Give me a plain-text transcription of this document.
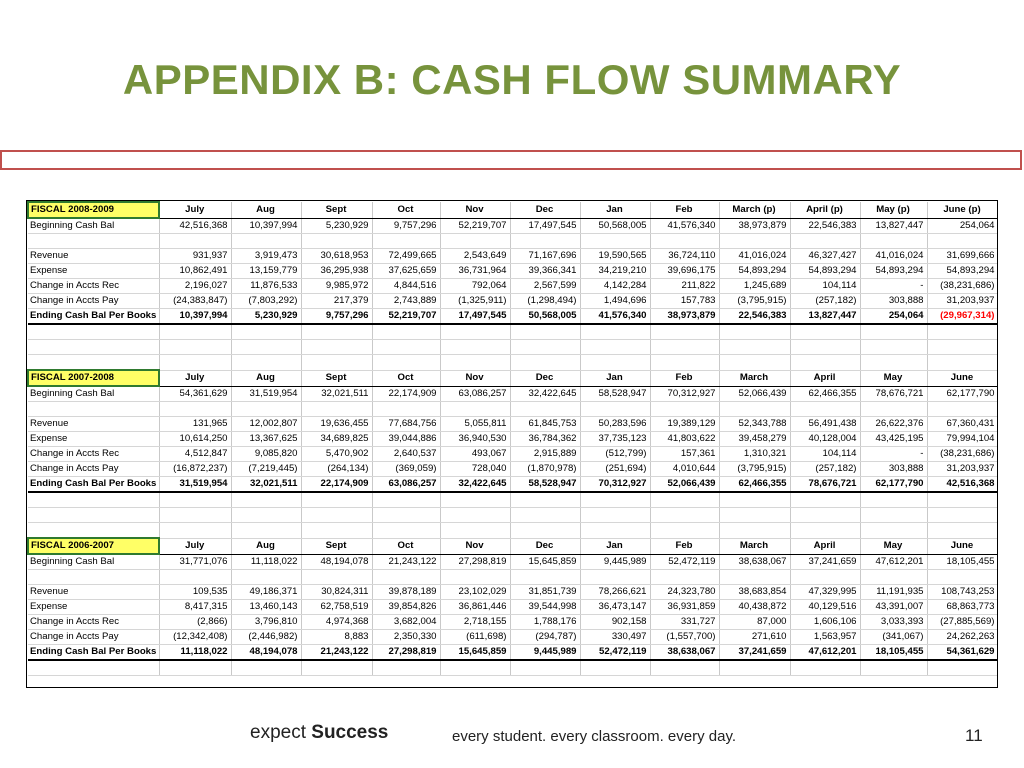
APPENDIX B: CASH FLOW SUMMARY
FISCAL 2008-2009	July	Aug	Sept	Oct	Nov	Dec	Jan	Feb	March (p)	April (p)	May (p)	June (p)
Beginning Cash Bal	42,516,368	10,397,994	5,230,929	9,757,296	52,219,707	17,497,545	50,568,005	41,576,340	38,973,879	22,546,383	13,827,447	254,064

Revenue	931,937	3,919,473	30,618,953	72,499,665	2,543,649	71,167,696	19,590,565	36,724,110	41,016,024	46,327,427	41,016,024	31,699,666
Expense	10,862,491	13,159,779	36,295,938	37,625,659	36,731,964	39,366,341	34,219,210	39,696,175	54,893,294	54,893,294	54,893,294	54,893,294
Change in Accts Rec	2,196,027	11,876,533	9,985,972	4,844,516	792,064	2,567,599	4,142,284	211,822	1,245,689	104,114	-	(38,231,686)
Change in Accts Pay	(24,383,847)	(7,803,292)	217,379	2,743,889	(1,325,911)	(1,298,494)	1,494,696	157,783	(3,795,915)	(257,182)	303,888	31,203,937
Ending Cash Bal Per Books	10,397,994	5,230,929	9,757,296	52,219,707	17,497,545	50,568,005	41,576,340	38,973,879	22,546,383	13,827,447	254,064	(29,967,314)

FISCAL 2007-2008	July	Aug	Sept	Oct	Nov	Dec	Jan	Feb	March	April	May	June
Beginning Cash Bal	54,361,629	31,519,954	32,021,511	22,174,909	63,086,257	32,422,645	58,528,947	70,312,927	52,066,439	62,466,355	78,676,721	62,177,790

Revenue	131,965	12,002,807	19,636,455	77,684,756	5,055,811	61,845,753	50,283,596	19,389,129	52,343,788	56,491,438	26,622,376	67,360,431
Expense	10,614,250	13,367,625	34,689,825	39,044,886	36,940,530	36,784,362	37,735,123	41,803,622	39,458,279	40,128,004	43,425,195	79,994,104
Change in Accts Rec	4,512,847	9,085,820	5,470,902	2,640,537	493,067	2,915,889	(512,799)	157,361	1,310,321	104,114	-	(38,231,686)
Change in Accts Pay	(16,872,237)	(7,219,445)	(264,134)	(369,059)	728,040	(1,870,978)	(251,694)	4,010,644	(3,795,915)	(257,182)	303,888	31,203,937
Ending Cash Bal Per Books	31,519,954	32,021,511	22,174,909	63,086,257	32,422,645	58,528,947	70,312,927	52,066,439	62,466,355	78,676,721	62,177,790	42,516,368

FISCAL 2006-2007	July	Aug	Sept	Oct	Nov	Dec	Jan	Feb	March	April	May	June
Beginning Cash Bal	31,771,076	11,118,022	48,194,078	21,243,122	27,298,819	15,645,859	9,445,989	52,472,119	38,638,067	37,241,659	47,612,201	18,105,455

Revenue	109,535	49,186,371	30,824,311	39,878,189	23,102,029	31,851,739	78,266,621	24,323,780	38,683,854	47,329,995	11,191,935	108,743,253
Expense	8,417,315	13,460,143	62,758,519	39,854,826	36,861,446	39,544,998	36,473,147	36,931,859	40,438,872	40,129,516	43,391,007	68,863,773
Change in Accts Rec	(2,866)	3,796,810	4,974,368	3,682,004	2,718,155	1,788,176	902,158	331,727	87,000	1,606,106	3,033,393	(27,885,569)
Change in Accts Pay	(12,342,408)	(2,446,982)	8,883	2,350,330	(611,698)	(294,787)	330,497	(1,557,700)	271,610	1,563,957	(341,067)	24,262,263
Ending Cash Bal Per Books	11,118,022	48,194,078	21,243,122	27,298,819	15,645,859	9,445,989	52,472,119	38,638,067	37,241,659	47,612,201	18,105,455	54,361,629

expect Success	every student. every classroom. every day.	11
